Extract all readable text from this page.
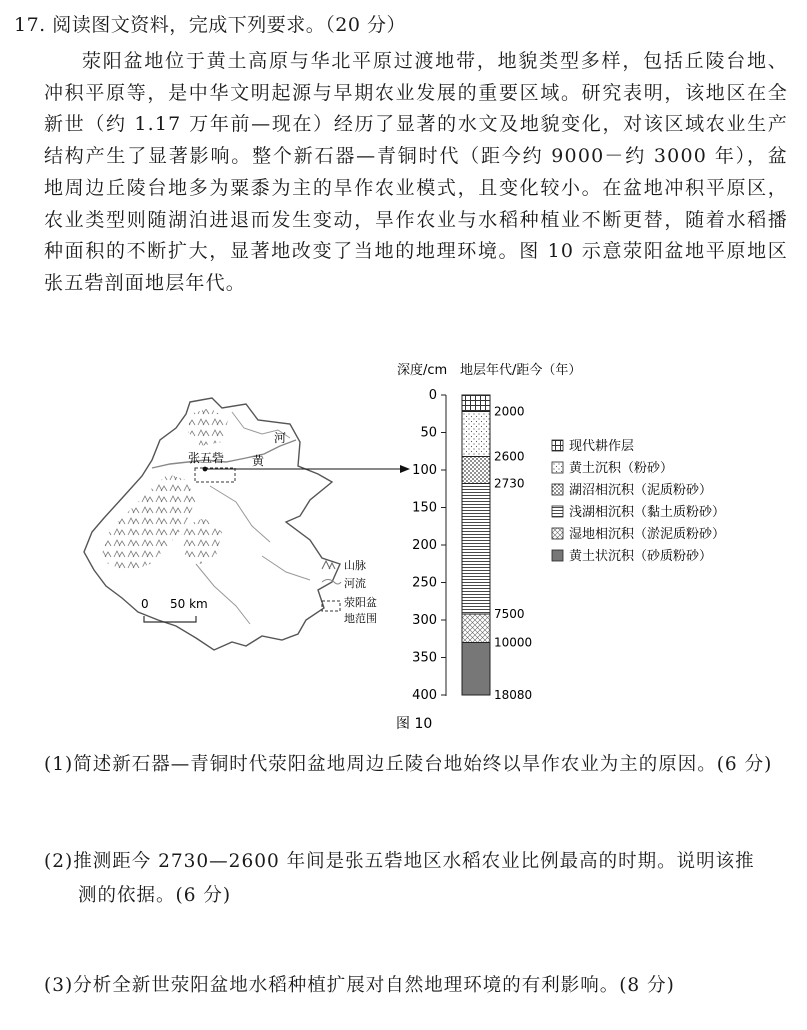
17. 阅读图文资料，完成下列要求。（20 分）
荥阳盆地位于黄土高原与华北平原过渡地带，地貌类型多样，包括丘陵台地、冲积平原等，是中华文明起源与早期农业发展的重要区域。研究表明，该地区在全新世（约 1.17 万年前—现在）经历了显著的水文及地貌变化，对该区域农业生产结构产生了显著影响。整个新石器—青铜时代（距今约 9000－约 3000 年），盆地周边丘陵台地多为粟黍为主的旱作农业模式，且变化较小。在盆地冲积平原区，农业类型则随湖泊进退而发生变动，旱作农业与水稻种植业不断更替，随着水稻播种面积的不断扩大，显著地改变了当地的地理环境。图 10 示意荥阳盆地平原地区张五砦剖面地层年代。
张五砦
河
黄
山脉
河流
荥阳盆
地范围
0 50 km
深度/cm 地层年代/距今（年）
0
50
100
150
200
250
300
350
400
2000
2600
2730
7500
10000
18080
现代耕作层
黄土沉积（粉砂）
湖沼相沉积（泥质粉砂）
浅湖相沉积（黏土质粉砂）
湿地相沉积（淤泥质粉砂）
黄土状沉积（砂质粉砂）
图 10
(1)简述新石器—青铜时代荥阳盆地周边丘陵台地始终以旱作农业为主的原因。(6 分)
(2)推测距今 2730—2600 年间是张五砦地区水稻农业比例最高的时期。说明该推
测的依据。(6 分)
(3)分析全新世荥阳盆地水稻种植扩展对自然地理环境的有利影响。(8 分)
